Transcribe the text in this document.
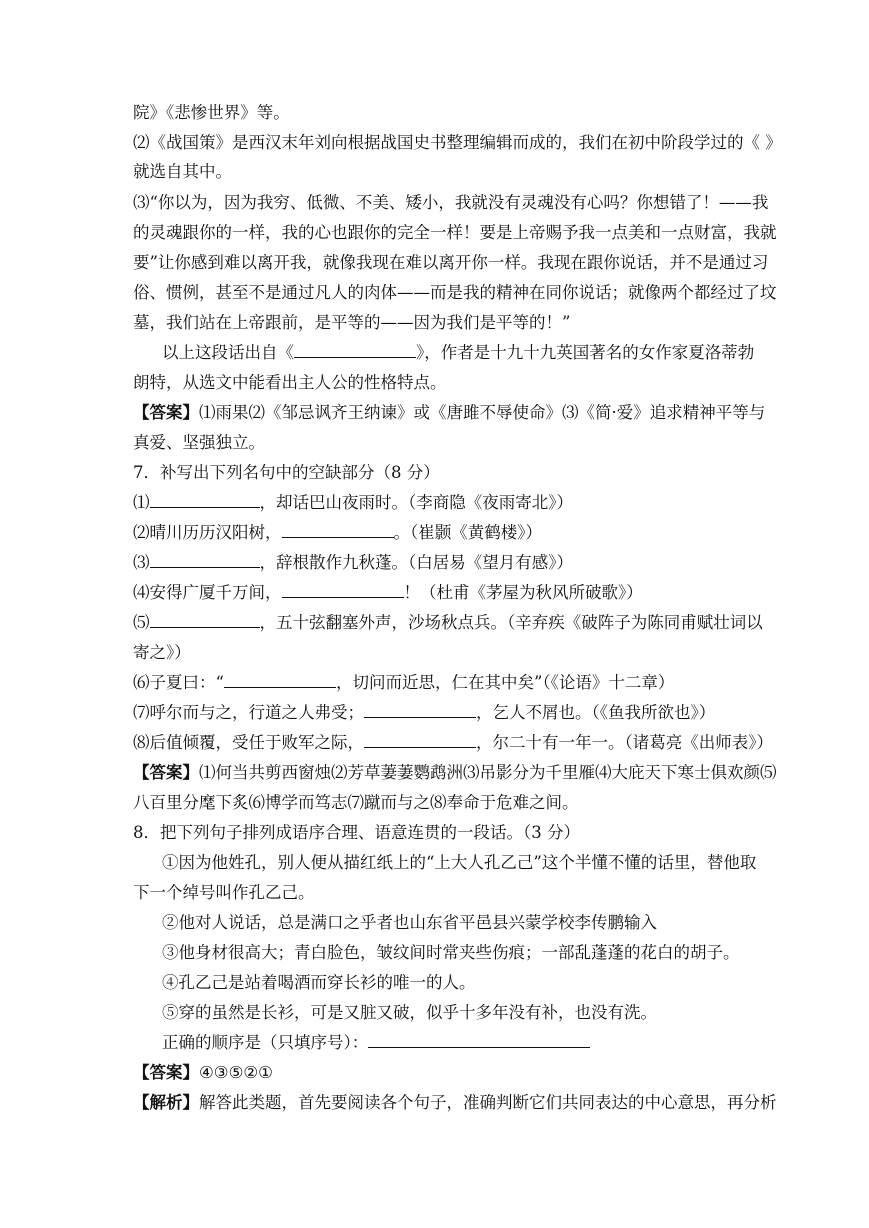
院》《悲惨世界》等。
⑵《战国策》是西汉末年刘向根据战国史书整理编辑而成的，我们在初中阶段学过的《 》
就选自其中。
⑶“你以为，因为我穷、低微、不美、矮小，我就没有灵魂没有心吗？你想错了！——我
的灵魂跟你的一样，我的心也跟你的完全一样！要是上帝赐予我一点美和一点财富，我就
要”让你感到难以离开我，就像我现在难以离开你一样。我现在跟你说话，并不是通过习
俗、惯例，甚至不是通过凡人的肉体——而是我的精神在同你说话；就像两个都经过了坟
墓，我们站在上帝跟前，是平等的——因为我们是平等的！”
以上这段话出自《	》，作者是十九十九英国著名的女作家夏洛蒂勃
朗特，从选文中能看出主人公的性格特点。
【答案】⑴雨果⑵《邹忌讽齐王纳谏》或《唐雎不辱使命》⑶《简·爱》追求精神平等与
真爱、坚强独立。
7．补写出下列名句中的空缺部分（8 分）
⑴	，却话巴山夜雨时。（李商隐《夜雨寄北》）
⑵晴川历历汉阳树，	。（崔颢《黄鹤楼》）
⑶	，辞根散作九秋蓬。（白居易《望月有感》）
⑷安得广厦千万间，	！（杜甫《茅屋为秋风所破歌》）
⑸	，五十弦翻塞外声，沙场秋点兵。（辛弃疾《破阵子为陈同甫赋壮词以
寄之》）
⑹子夏曰：“	，切问而近思，仁在其中矣”（《论语》十二章）
⑺呼尔而与之，行道之人弗受；	，乞人不屑也。（《鱼我所欲也》）
⑻后值倾覆，受任于败军之际，	，尔二十有一年一。（诸葛亮《出师表》）
【答案】⑴何当共剪西窗烛⑵芳草萋萋鹦鹉洲⑶吊影分为千里雁⑷大庇天下寒士俱欢颜⑸
八百里分麾下炙⑹博学而笃志⑺蹴而与之⑻奉命于危难之间。
8．把下列句子排列成语序合理、语意连贯的一段话。（3 分）
①因为他姓孔，别人便从描红纸上的“上大人孔乙己”这个半懂不懂的话里，替他取
下一个绰号叫作孔乙己。
②他对人说话，总是满口之乎者也山东省平邑县兴蒙学校李传鹏输入
③他身材很高大；青白脸色，皱纹间时常夹些伤痕；一部乱蓬蓬的花白的胡子。
④孔乙己是站着喝酒而穿长衫的唯一的人。
⑤穿的虽然是长衫，可是又脏又破，似乎十多年没有补，也没有洗。
正确的顺序是（只填序号）：
【答案】④③⑤②①
【解析】解答此类题，首先要阅读各个句子，准确判断它们共同表达的中心意思，再分析
